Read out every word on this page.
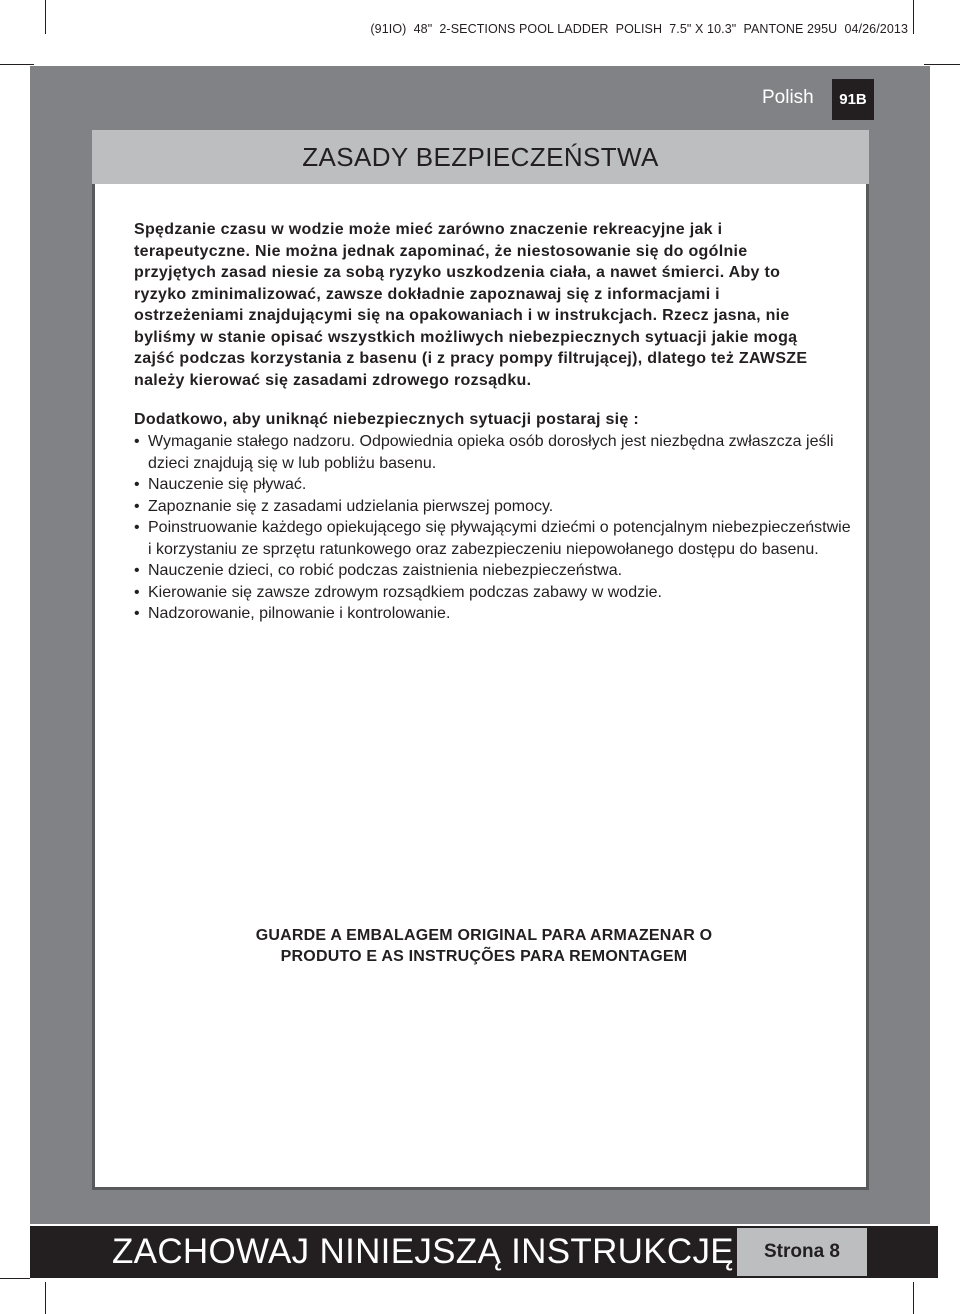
(91IO)  48"  2-SECTIONS POOL LADDER  POLISH  7.5" X 10.3"  PANTONE 295U  04/26/2013
Polish	91B
ZASADY BEZPIECZEŃSTWA

Spędzanie czasu w wodzie może mieć zarówno znaczenie rekreacyjne jak i terapeutyczne. Nie można jednak zapominać, że niestosowanie się do ogólnie przyjętych zasad niesie za sobą ryzyko uszkodzenia ciała, a nawet śmierci. Aby to ryzyko zminimalizować, zawsze dokładnie zapoznawaj się z informacjami i ostrzeżeniami znajdującymi się na opakowaniach i w instrukcjach. Rzecz jasna, nie byliśmy w stanie opisać wszystkich możliwych niebezpiecznych sytuacji jakie mogą zajść podczas korzystania z basenu (i z pracy pompy filtrującej), dlatego też ZAWSZE należy kierować się zasadami zdrowego rozsądku.

Dodatkowo, aby uniknąć niebezpiecznych sytuacji postaraj się :

• Wymaganie stałego nadzoru. Odpowiednia opieka osób dorosłych jest niezbędna zwłaszcza jeśli dzieci znajdują się w lub pobliżu basenu.
• Nauczenie się pływać.
• Zapoznanie się z zasadami udzielania pierwszej pomocy.
• Poinstruowanie każdego opiekującego się pływającymi dziećmi o potencjalnym niebezpieczeństwie i korzystaniu ze sprzętu ratunkowego oraz zabezpieczeniu niepowołanego dostępu do basenu.
• Nauczenie dzieci, co robić podczas zaistnienia niebezpieczeństwa.
• Kierowanie się zawsze zdrowym rozsądkiem podczas zabawy w wodzie.
• Nadzorowanie, pilnowanie i kontrolowanie.
GUARDE A EMBALAGEM ORIGINAL PARA ARMAZENAR O
PRODUTO E AS INSTRUÇÕES PARA REMONTAGEM
ZACHOWAJ NINIEJSZĄ INSTRUKCJĘ	Strona 8
